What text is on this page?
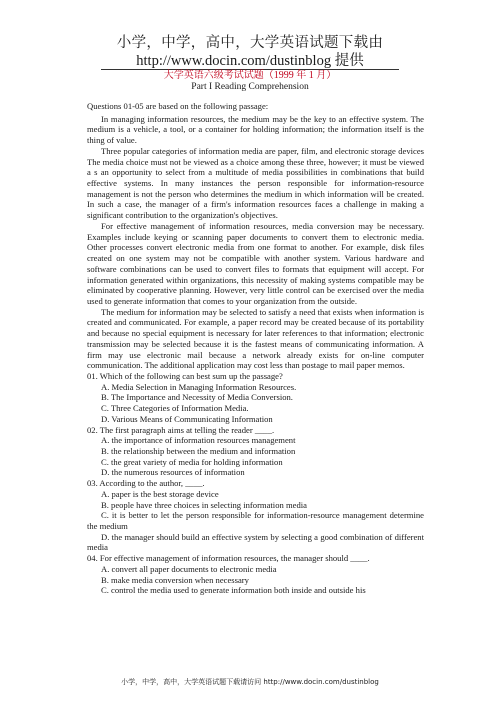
小学，中学，高中，大学英语试题下载由
http://www.docin.com/dustinblog 提供
大学英语六级考试试题（1999 年 1 月）
Part I Reading Comprehension

Questions 01-05 are based on the following passage:

In managing information resources, the medium may be the key to an effective system. The medium is a vehicle, a tool, or a container for holding information; the information itself is the thing of value.

Three popular categories of information media are paper, film, and electronic storage devices The media choice must not be viewed as a choice among these three, however; it must be viewed a s an opportunity to select from a multitude of media possibilities in combinations that build effective systems. In many instances the person responsible for information-resource management is not the person who determines the medium in which information will be created. In such a case, the manager of a firm's information resources faces a challenge in making a significant contribution to the organization's objectives.

For effective management of information resources, media conversion may be necessary. Examples include keying or scanning paper documents to convert them to electronic media. Other processes convert electronic media from one format to another. For example, disk files created on one system may not be compatible with another system. Various hardware and software combinations can be used to convert files to formats that equipment will accept. For information generated within organizations, this necessity of making systems compatible may be eliminated by cooperative planning. However, very little control can be exercised over the media used to generate information that comes to your organization from the outside.

The medium for information may be selected to satisfy a need that exists when information is created and communicated. For example, a paper record may be created because of its portability and because no special equipment is necessary for later references to that information; electronic transmission may be selected because it is the fastest means of communicating information. A firm may use electronic mail because a network already exists for on-line computer communication. The additional application may cost less than postage to mail paper memos.

01. Which of the following can best sum up the passage?

A. Media Selection in Managing Information Resources.

B. The Importance and Necessity of Media Conversion.

C. Three Categories of Information Media.

D. Various Means of Communicating Information

02. The first paragraph aims at telling the reader ____.

A. the importance of information resources management

B. the relationship between the medium and information

C. the great variety of media for holding information

D. the numerous resources of information

03. According to the author, ____.

A. paper is the best storage device

B. people have three choices in selecting information media

C. it is better to let the person responsible for information-resource management determine the medium

D. the manager should build an effective system by selecting a good combination of different media

04. For effective management of information resources, the manager should ____.

A. convert all paper documents to electronic media

B. make media conversion when necessary

C. control the media used to generate information both inside and outside his

小学，中学，高中，大学英语试题下载请访问 http://www.docin.com/dustinblog
